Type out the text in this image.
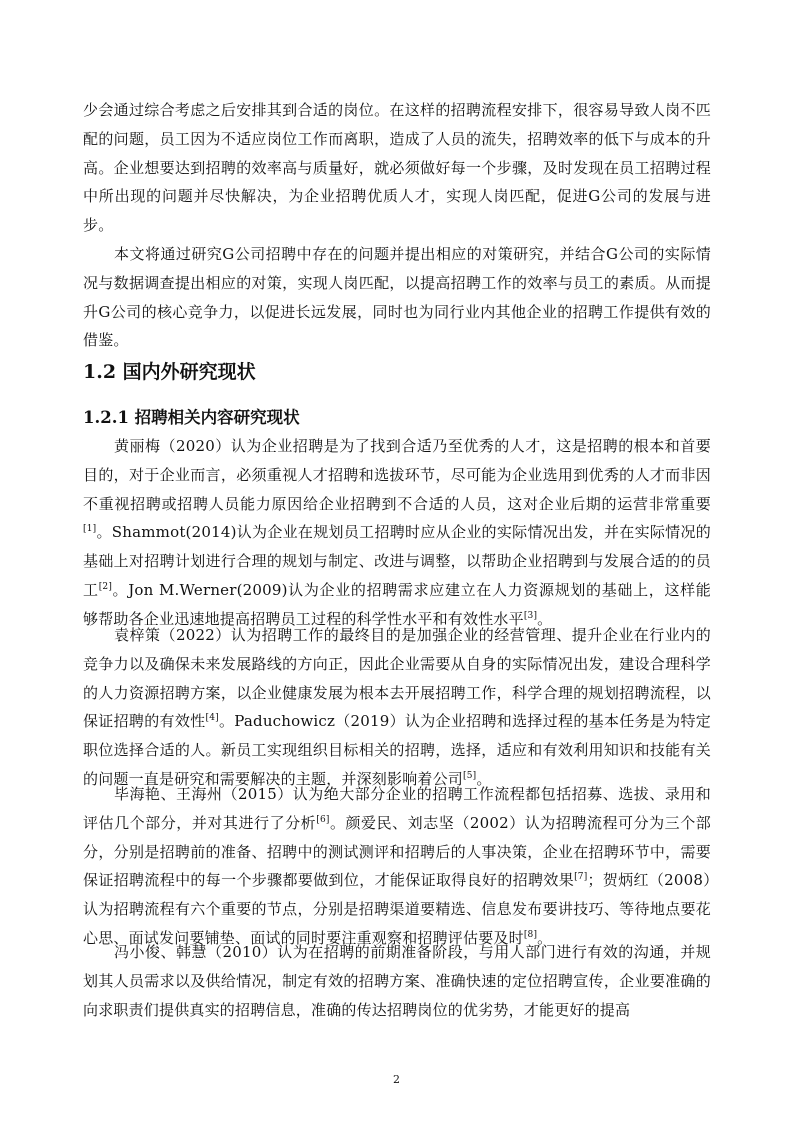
少会通过综合考虑之后安排其到合适的岗位。在这样的招聘流程安排下，很容易导致人岗不匹配的问题，员工因为不适应岗位工作而离职，造成了人员的流失，招聘效率的低下与成本的升高。企业想要达到招聘的效率高与质量好，就必须做好每一个步骤，及时发现在员工招聘过程中所出现的问题并尽快解决，为企业招聘优质人才，实现人岗匹配，促进G公司的发展与进步。

本文将通过研究G公司招聘中存在的问题并提出相应的对策研究，并结合G公司的实际情况与数据调查提出相应的对策，实现人岗匹配，以提高招聘工作的效率与员工的素质。从而提升G公司的核心竞争力，以促进长远发展，同时也为同行业内其他企业的招聘工作提供有效的借鉴。

1.2 国内外研究现状
1.2.1 招聘相关内容研究现状

黄丽梅（2020）认为企业招聘是为了找到合适乃至优秀的人才，这是招聘的根本和首要目的，对于企业而言，必须重视人才招聘和选拔环节，尽可能为企业选用到优秀的人才而非因不重视招聘或招聘人员能力原因给企业招聘到不合适的人员，这对企业后期的运营非常重要[1]。Shammot(2014)认为企业在规划员工招聘时应从企业的实际情况出发，并在实际情况的基础上对招聘计划进行合理的规划与制定、改进与调整，以帮助企业招聘到与发展合适的的员工[2]。Jon M.Werner(2009)认为企业的招聘需求应建立在人力资源规划的基础上，这样能够帮助各企业迅速地提高招聘员工过程的科学性水平和有效性水平[3]。

袁梓策（2022）认为招聘工作的最终目的是加强企业的经营管理、提升企业在行业内的竞争力以及确保未来发展路线的方向正，因此企业需要从自身的实际情况出发，建设合理科学的人力资源招聘方案，以企业健康发展为根本去开展招聘工作，科学合理的规划招聘流程，以保证招聘的有效性[4]。Paduchowicz（2019）认为企业招聘和选择过程的基本任务是为特定职位选择合适的人。新员工实现组织目标相关的招聘，选择，适应和有效利用知识和技能有关的问题一直是研究和需要解决的主题，并深刻影响着公司[5]。

毕海艳、王海州（2015）认为绝大部分企业的招聘工作流程都包括招募、选拔、录用和评估几个部分，并对其进行了分析[6]。颜爱民、刘志坚（2002）认为招聘流程可分为三个部分，分别是招聘前的准备、招聘中的测试测评和招聘后的人事决策，企业在招聘环节中，需要保证招聘流程中的每一个步骤都要做到位，才能保证取得良好的招聘效果[7]；贺炳红（2008）认为招聘流程有六个重要的节点，分别是招聘渠道要精选、信息发布要讲技巧、等待地点要花心思、面试发问要铺垫、面试的同时要注重观察和招聘评估要及时[8]。

冯小俊、韩慧（2010）认为在招聘的前期准备阶段，与用人部门进行有效的沟通，并规划其人员需求以及供给情况，制定有效的招聘方案、准确快速的定位招聘宣传，企业要准确的向求职责们提供真实的招聘信息，准确的传达招聘岗位的优劣势，才能更好的提高

2
